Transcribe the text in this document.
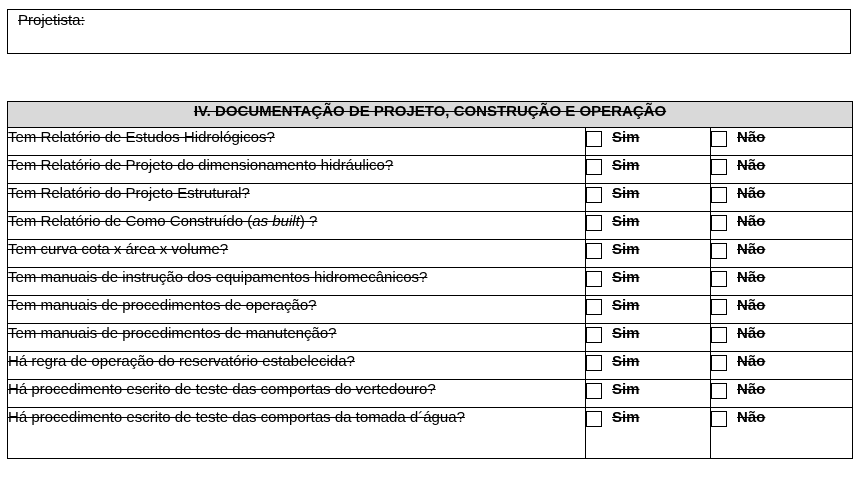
Projetista:
IV. DOCUMENTAÇÃO DE PROJETO, CONSTRUÇÃO E OPERAÇÃO		
Tem Relatório de Estudos Hidrológicos?	Sim	Não

Tem Relatório de Projeto do dimensionamento hidráulico?	Sim	Não

Tem Relatório do Projeto Estrutural?	Sim	Não

Tem Relatório de Como Construído (as built) ?	Sim	Não

Tem curva cota x área x volume?	Sim	Não

Tem manuais de instrução dos equipamentos hidromecânicos?	Sim	Não

Tem manuais de procedimentos de operação?	Sim	Não

Tem manuais de procedimentos de manutenção?	Sim	Não

Há regra de operação do reservatório estabelecida?	Sim	Não

Há procedimento escrito de teste das comportas do vertedouro?	Sim	Não

Há procedimento escrito de teste das comportas da tomada d´água?	Sim	Não
